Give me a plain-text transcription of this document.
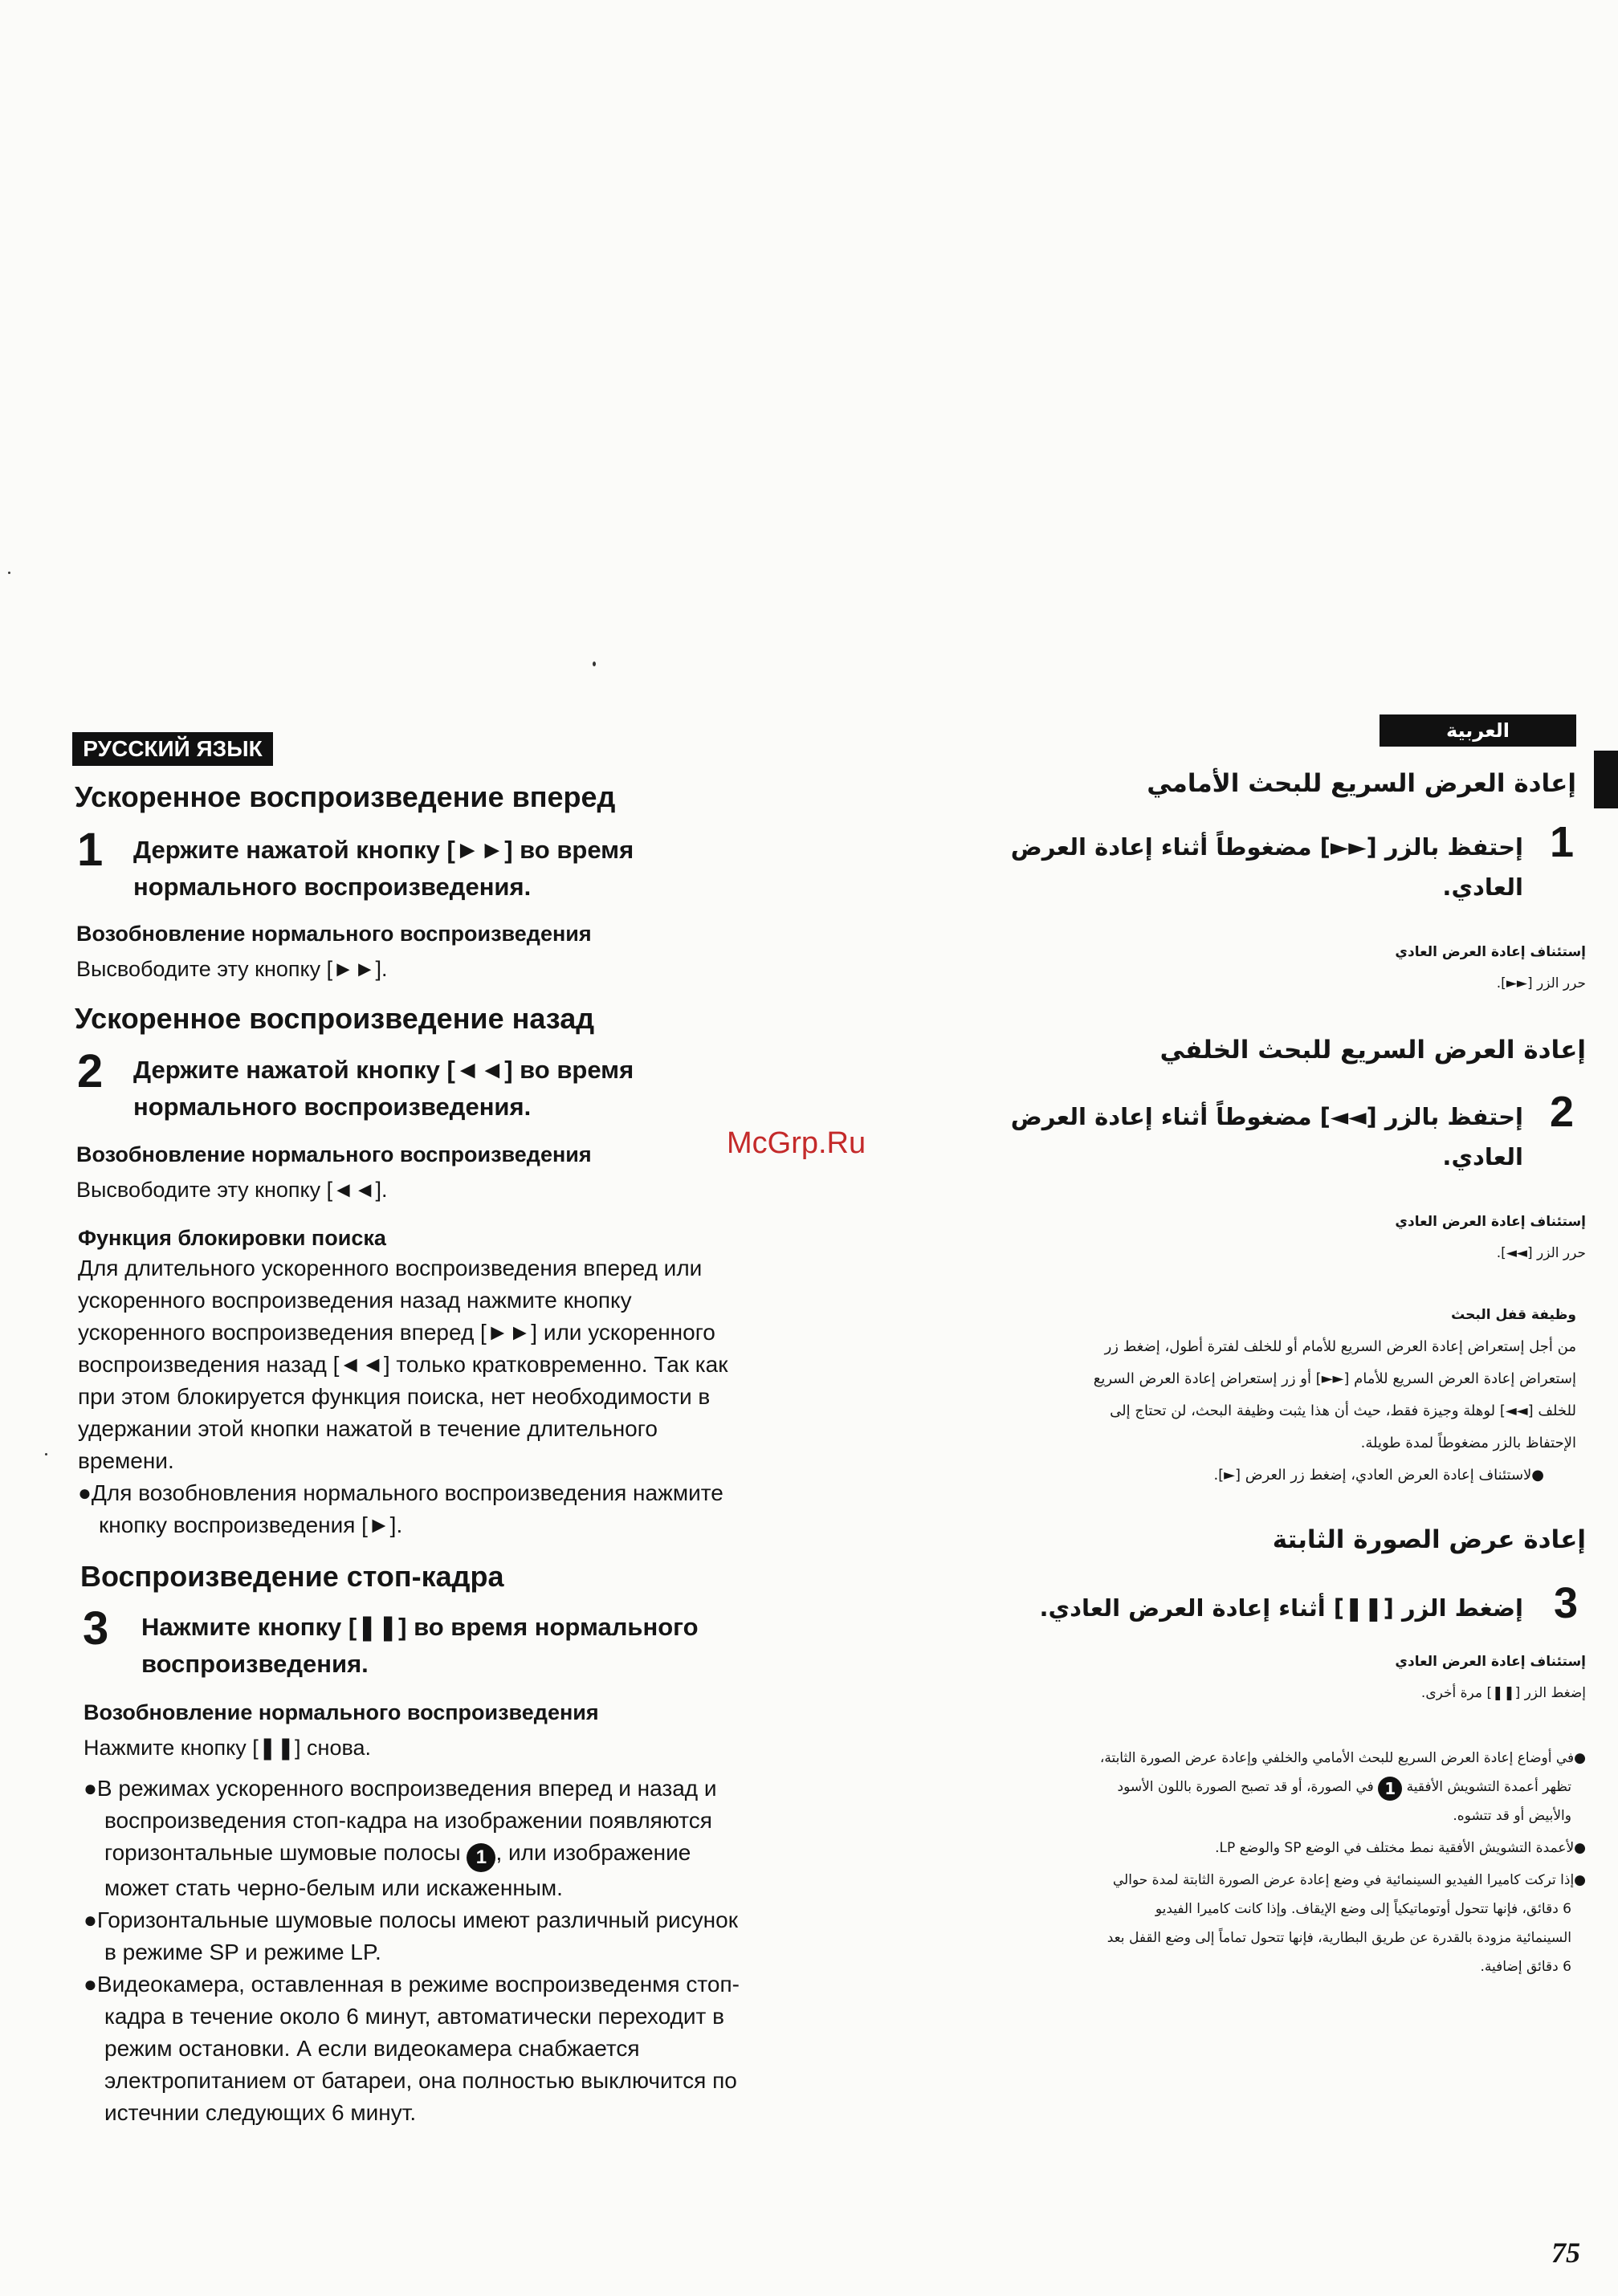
РУССКИЙ ЯЗЫК
Ускоренное воспроизведение вперед
1 Держите нажатой кнопку [►►] во время
нормального воспроизведения.
Возобновление нормального воспроизведения
Высвободите эту кнопку [►►].
Ускоренное воспроизведение назад
2 Держите нажатой кнопку [◄◄] во время
нормального воспроизведения.
Возобновление нормального воспроизведения
Высвободите эту кнопку [◄◄].
McGrp.Ru
Функция блокировки поиска
Для длительного ускоренного воспроизведения вперед или
ускоренного воспроизведения назад нажмите кнопку
ускоренного воспроизведения вперед [►►] или ускоренного
воспроизведения назад [◄◄] только кратковременно. Так как
при этом блокируется функция поиска, нет необходимости в
удержании этой кнопки нажатой в течение длительного
времени.
●Для возобновления нормального воспроизведения нажмите
кнопку воспроизведения [►].
Воспроизведение стоп-кадра
3 Нажмите кнопку [❚❚] во время нормального
воспроизведения.
Возобновление нормального воспроизведения
Нажмите кнопку [❚❚] снова.
●В режимах ускоренного воспроизведения вперед и назад и
воспроизведения стоп-кадра на изображении появляются
горизонтальные шумовые полосы 1 , или изображение
может стать черно-белым или искаженным.
●Горизонтальные шумовые полосы имеют различный рисунок
в режиме SP и режиме LP.
●Видеокамера, оставленная в режиме воспроизведенмя стоп-
кадра в течение около 6 минут, автоматически переходит в
режим остановки. А если видеокамера снабжается
электропитанием от батареи, она полностью выключится по
истечнии следующих 6 минут.
العربية
إعادة العرض السريع للبحث الأمامي
1
إحتفظ بالزر [►►] مضغوطاً أثناء إعادة العرض
العادي.
إستئناف إعادة العرض العادي
حرر الزر [►►].
إعادة العرض السريع للبحث الخلفي
2
إحتفظ بالزر [◄◄] مضغوطاً أثناء إعادة العرض
العادي.
إستئناف إعادة العرض العادي
حرر الزر [◄◄].
وظيفة قفل البحث
من أجل إستعراض إعادة العرض السريع للأمام أو للخلف لفترة أطول، إضغط زر
إستعراض إعادة العرض السريع للأمام [►►] أو زر إستعراض إعادة العرض السريع
للخلف [◄◄] لوهلة وجيزة فقط، حيث أن هذا يثبت وظيفة البحث، لن تحتاج إلى
الإحتفاظ بالزر مضغوطاً لمدة طويلة.
●لاستئناف إعادة العرض العادي، إضغط زر العرض [►].
إعادة عرض الصورة الثابتة
3
إضغط الزر [❚❚] أثناء إعادة العرض العادي.
إستئناف إعادة العرض العادي
إضغط الزر [❚❚] مرة أخرى.
●في أوضاع إعادة العرض السريع للبحث الأمامي والخلفي وإعادة عرض الصورة الثابتة،
تظهر أعمدة التشويش الأفقية 1 في الصورة، أو قد تصبح الصورة باللون الأسود
والأبيض أو قد تتشوه.
●لأعمدة التشويش الأفقية نمط مختلف في الوضع SP والوضع LP.
●إذا تركت كاميرا الفيديو السينمائية في وضع إعادة عرض الصورة الثابتة لمدة حوالي
6 دقائق، فإنها تتحول أوتوماتيكياً إلى وضع الإيقاف. وإذا كانت كاميرا الفيديو
السينمائية مزودة بالقدرة عن طريق البطارية، فإنها تتحول تماماً إلى وضع القفل بعد
6 دقائق إضافية.
75
